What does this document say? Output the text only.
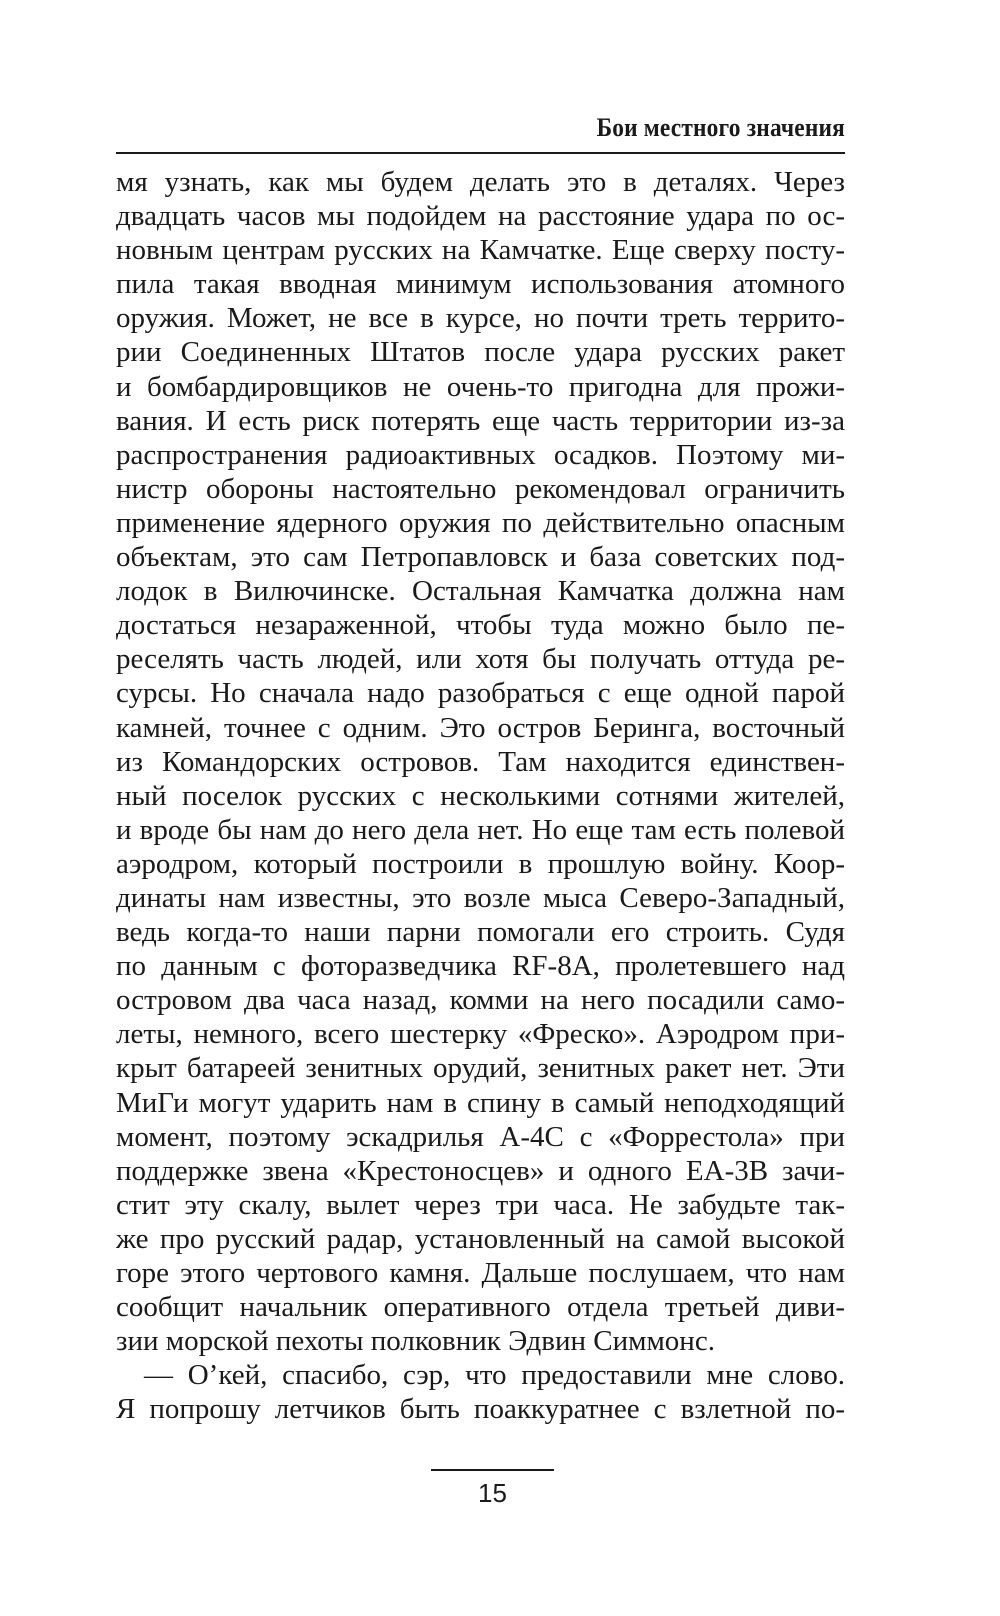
Бои местного значения
мя узнать, как мы будем делать это в деталях. Через
двадцать часов мы подойдем на расстояние удара по ос-
новным центрам русских на Камчатке. Еще сверху посту-
пила такая вводная минимум использования атомного
оружия. Может, не все в курсе, но почти треть террито-
рии Соединенных Штатов после удара русских ракет
и бомбардировщиков не очень-то пригодна для прожи-
вания. И есть риск потерять еще часть территории из-за
распространения радиоактивных осадков. Поэтому ми-
нистр обороны настоятельно рекомендовал ограничить
применение ядерного оружия по действительно опасным
объектам, это сам Петропавловск и база советских под-
лодок в Вилючинске. Остальная Камчатка должна нам
достаться незараженной, чтобы туда можно было пе-
реселять часть людей, или хотя бы получать оттуда ре-
сурсы. Но сначала надо разобраться с еще одной парой
камней, точнее с одним. Это остров Беринга, восточный
из Командорских островов. Там находится единствен-
ный поселок русских с несколькими сотнями жителей,
и вроде бы нам до него дела нет. Но еще там есть полевой
аэродром, который построили в прошлую войну. Коор-
динаты нам известны, это возле мыса Северо-Западный,
ведь когда-то наши парни помогали его строить. Судя
по данным с фоторазведчика RF-8A, пролетевшего над
островом два часа назад, комми на него посадили само-
леты, немного, всего шестерку «Фреско». Аэродром при-
крыт батареей зенитных орудий, зенитных ракет нет. Эти
МиГи могут ударить нам в спину в самый неподходящий
момент, поэтому эскадрилья A-4C с «Форрестола» при
поддержке звена «Крестоносцев» и одного EA-3B зачи-
стит эту скалу, вылет через три часа. Не забудьте так-
же про русский радар, установленный на самой высокой
горе этого чертового камня. Дальше послушаем, что нам
сообщит начальник оперативного отдела третьей диви-
зии морской пехоты полковник Эдвин Симмонс.
— О’кей, спасибо, сэр, что предоставили мне слово.
Я попрошу летчиков быть поаккуратнее с взлетной по-
15
